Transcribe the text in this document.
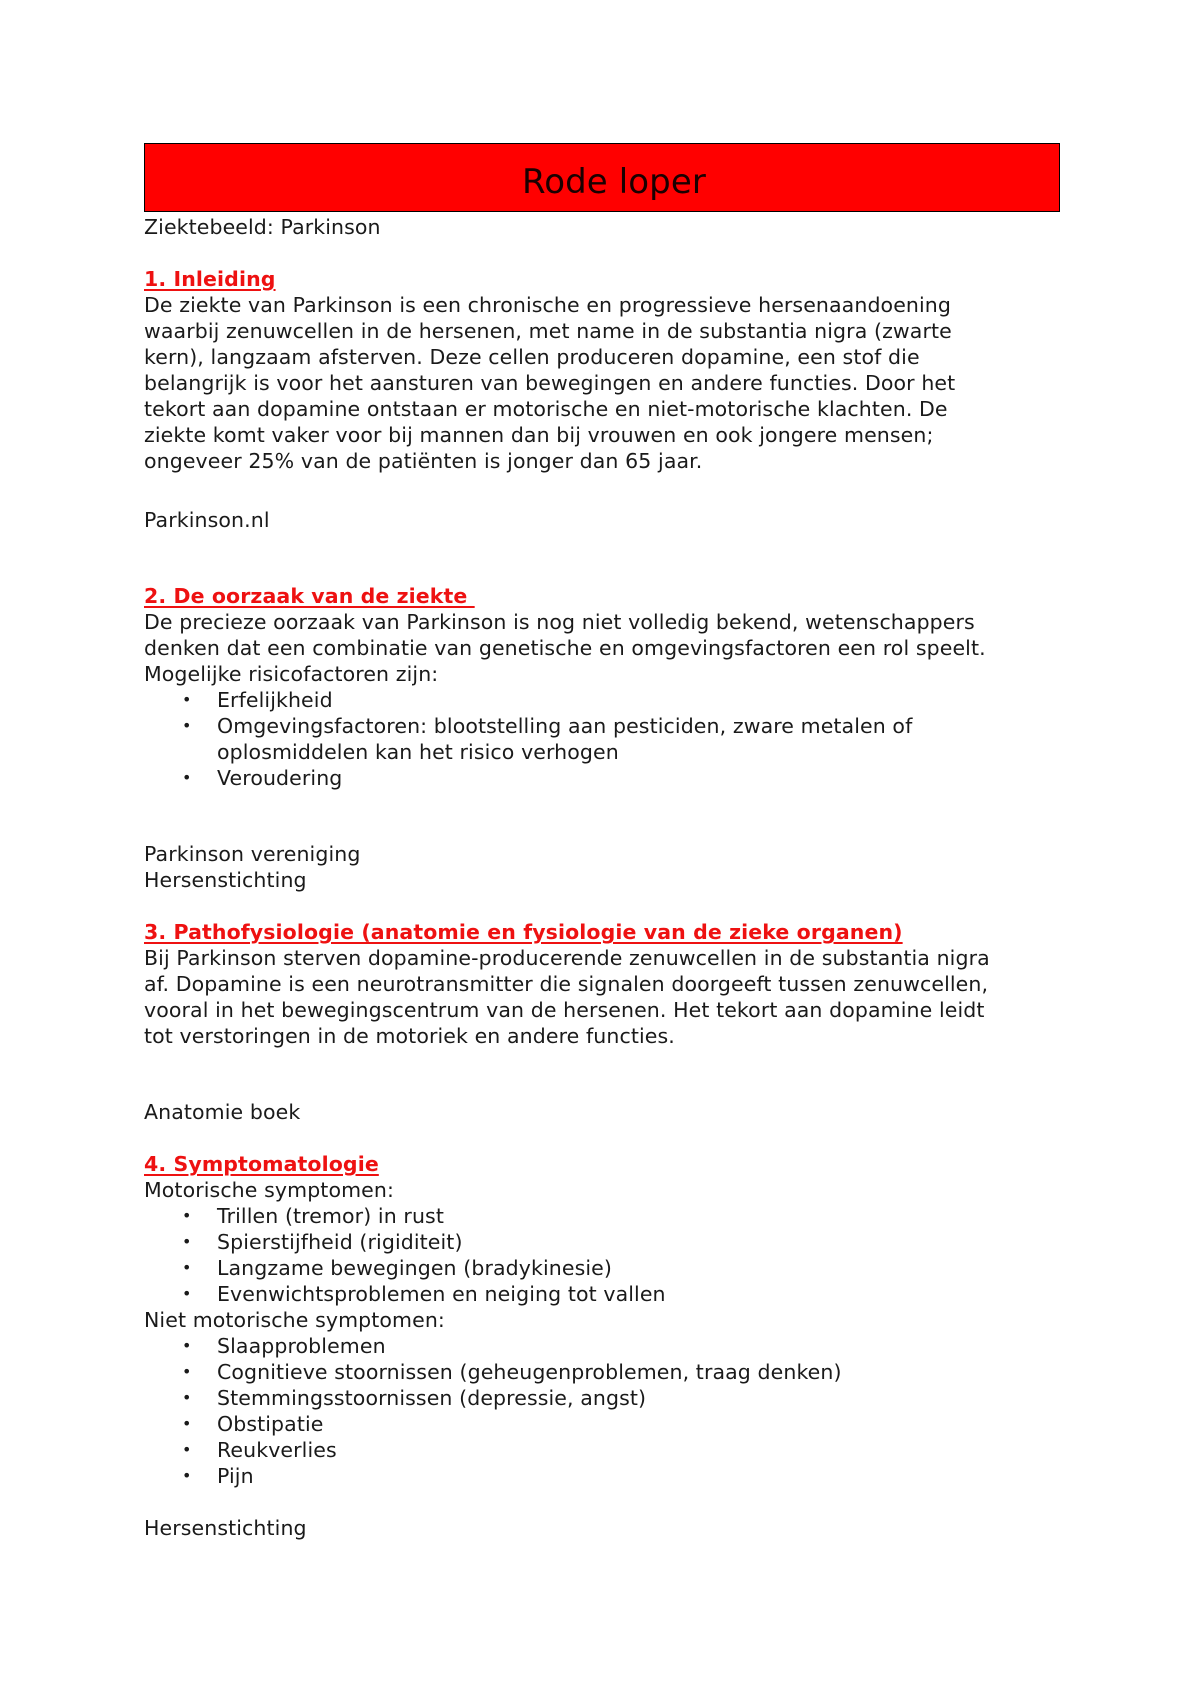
Rode loper

Ziektebeeld: Parkinson

1. Inleiding
De ziekte van Parkinson is een chronische en progressieve hersenaandoening
waarbij zenuwcellen in de hersenen, met name in de substantia nigra (zwarte
kern), langzaam afsterven. Deze cellen produceren dopamine, een stof die
belangrijk is voor het aansturen van bewegingen en andere functies. Door het
tekort aan dopamine ontstaan er motorische en niet-motorische klachten. De
ziekte komt vaker voor bij mannen dan bij vrouwen en ook jongere mensen;
ongeveer 25% van de patiënten is jonger dan 65 jaar.
Parkinson.nl
2. De oorzaak van de ziekte
De precieze oorzaak van Parkinson is nog niet volledig bekend, wetenschappers
denken dat een combinatie van genetische en omgevingsfactoren een rol speelt.
Mogelijke risicofactoren zijn:
• Erfelijkheid
• Omgevingsfactoren: blootstelling aan pesticiden, zware metalen of
oplosmiddelen kan het risico verhogen
• Veroudering
Parkinson vereniging
Hersenstichting
3. Pathofysiologie (anatomie en fysiologie van de zieke organen)
Bij Parkinson sterven dopamine-producerende zenuwcellen in de substantia nigra
af. Dopamine is een neurotransmitter die signalen doorgeeft tussen zenuwcellen,
vooral in het bewegingscentrum van de hersenen. Het tekort aan dopamine leidt
tot verstoringen in de motoriek en andere functies.
Anatomie boek
4. Symptomatologie
Motorische symptomen:
• Trillen (tremor) in rust
• Spierstijfheid (rigiditeit)
• Langzame bewegingen (bradykinesie)
• Evenwichtsproblemen en neiging tot vallen
Niet motorische symptomen:
• Slaapproblemen
• Cognitieve stoornissen (geheugenproblemen, traag denken)
• Stemmingsstoornissen (depressie, angst)
• Obstipatie
• Reukverlies
• Pijn
Hersenstichting
